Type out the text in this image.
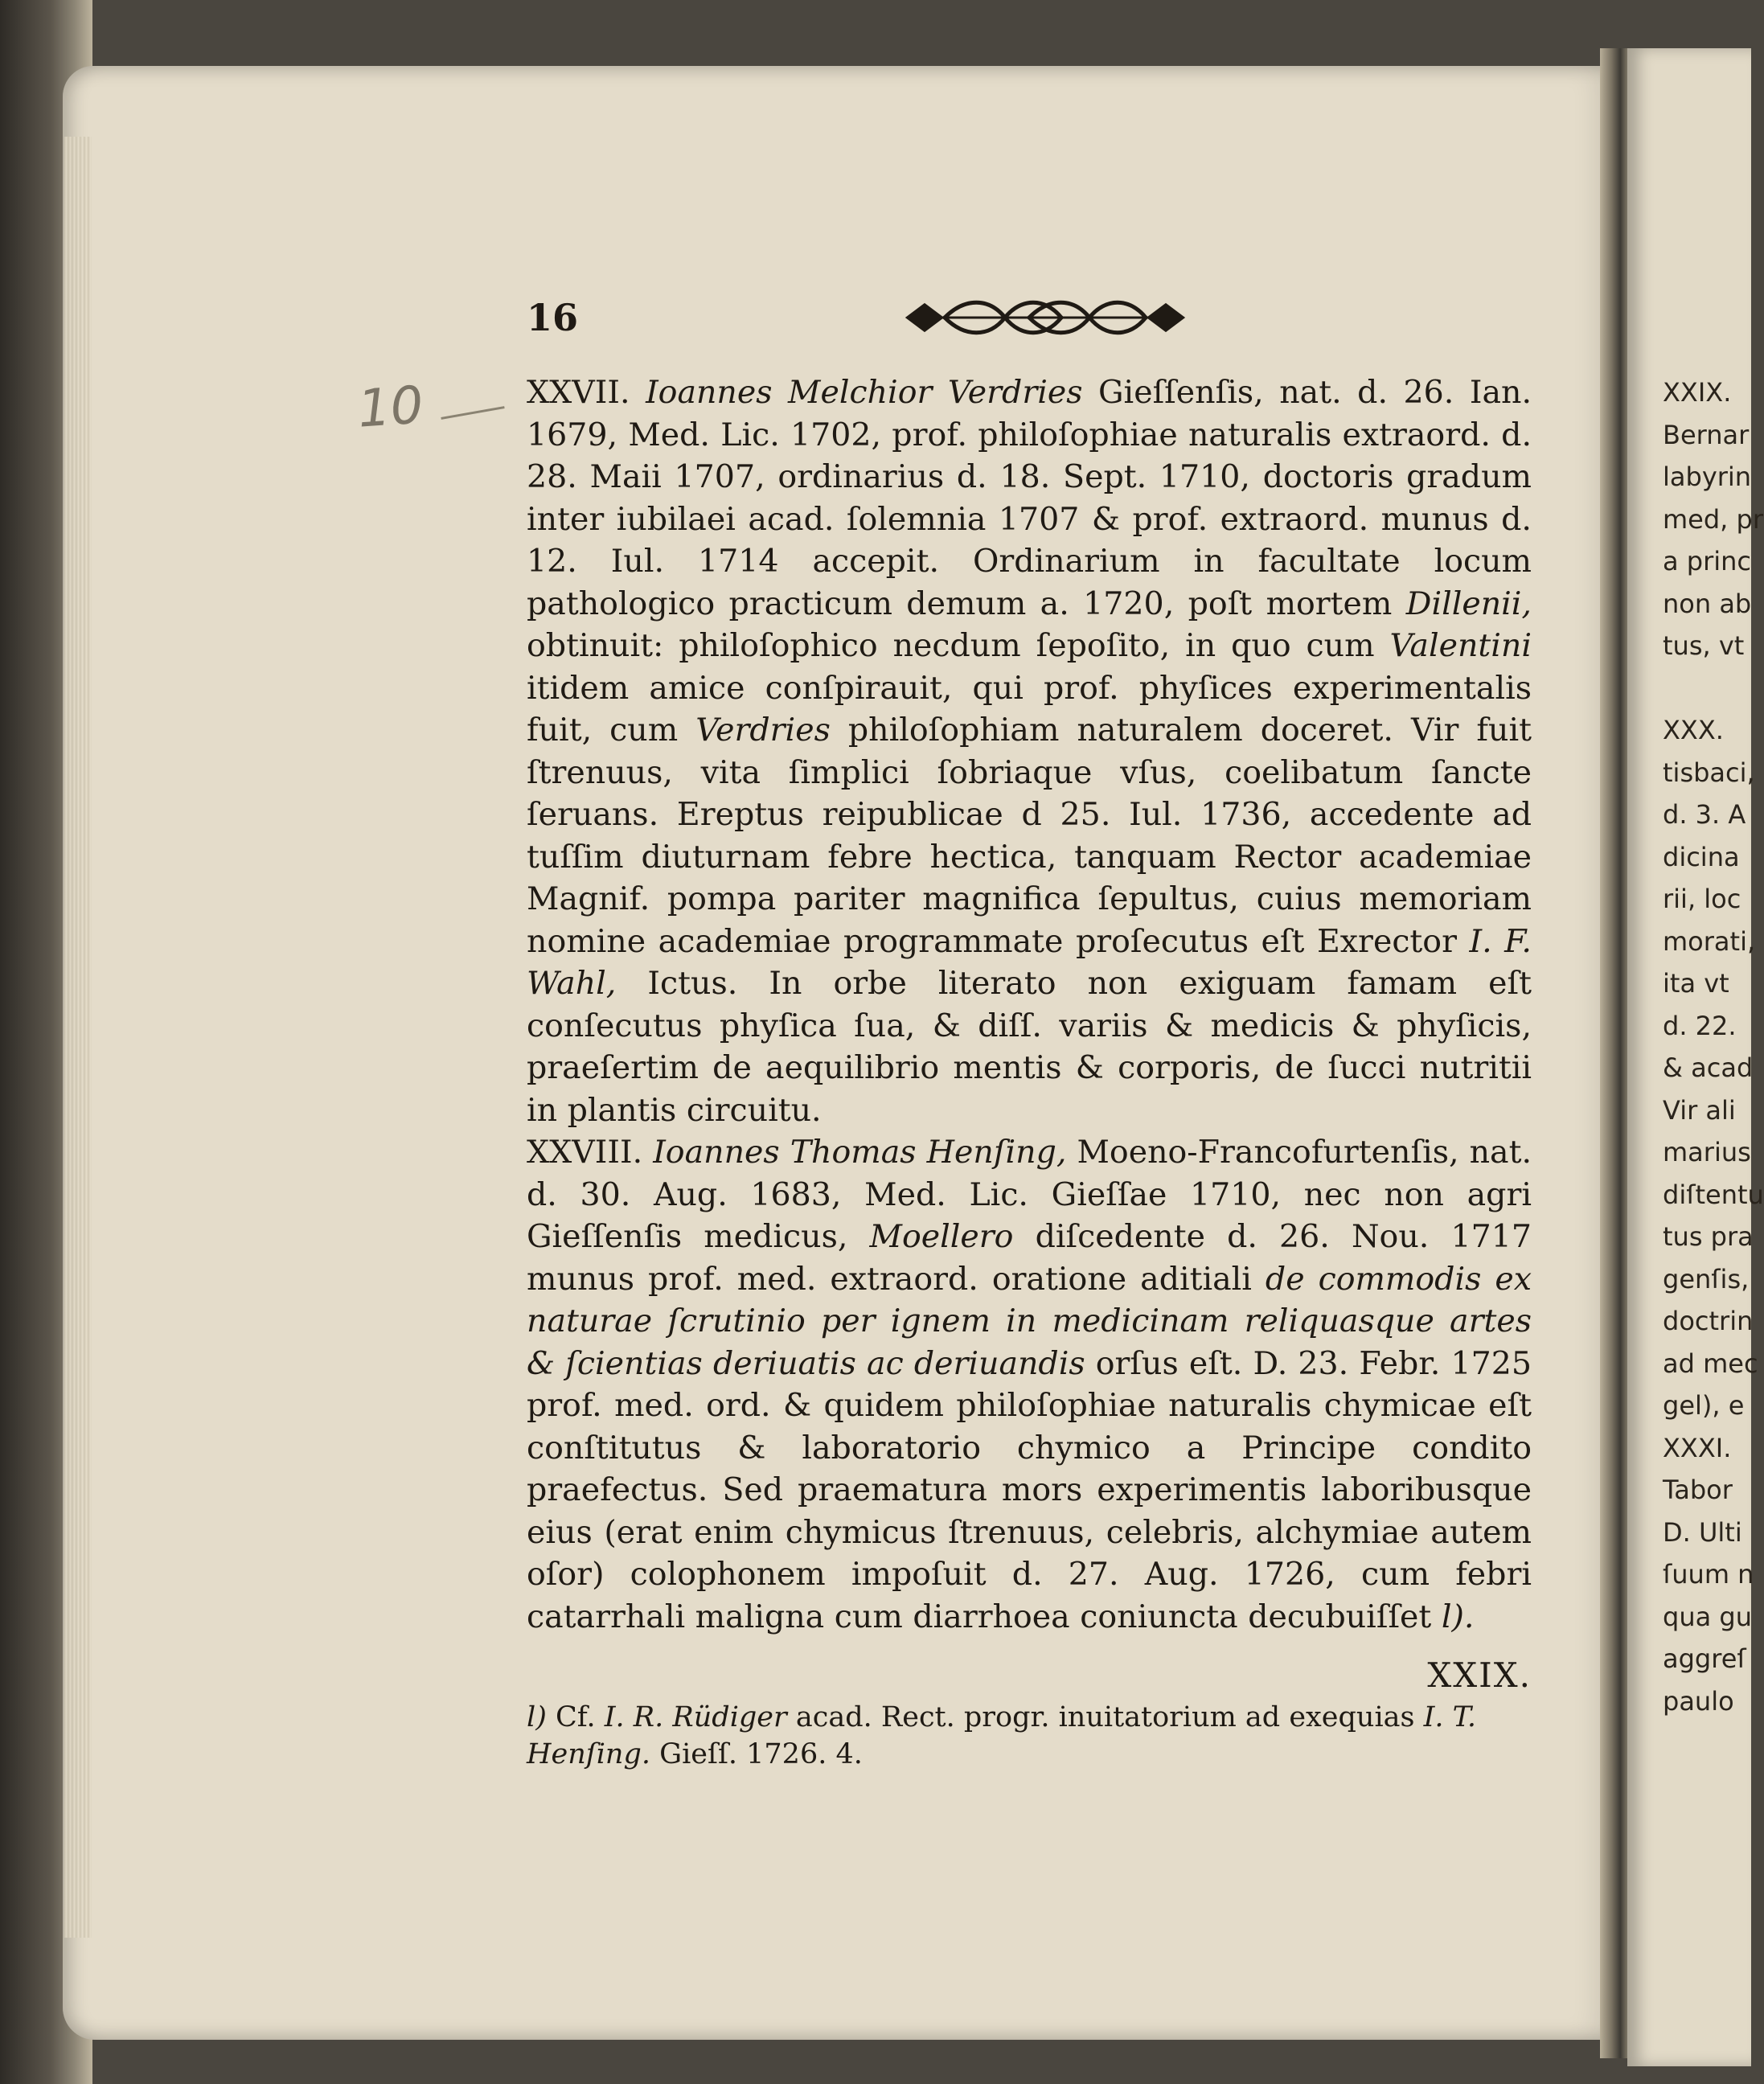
10
16

XXVII. Ioannes Melchior Verdries Gieſſenſis, nat. d. 26. Ian. 1679, Med. Lic. 1702, prof. philoſophiae naturalis extraord. d. 28. Maii 1707, ordinarius d. 18. Sept. 1710, doctoris gradum inter iubilaei acad. ſolemnia 1707 & prof. extraord. munus d. 12. Iul. 1714 accepit. Ordinarium in facultate locum pathologico practicum demum a. 1720, poſt mortem Dillenii, obtinuit: philoſophico necdum ſepoſito, in quo cum Valentini itidem amice conſpirauit, qui prof. phyſices experimentalis fuit, cum Verdries philoſophiam naturalem doceret. Vir fuit ſtrenuus, vita ſimplici ſobriaque vſus, coelibatum ſancte ſeruans. Ereptus reipublicae d 25. Iul. 1736, accedente ad tuſſim diuturnam febre hectica, tanquam Rector academiae Magnif. pompa pariter magnifica ſepultus, cuius memoriam nomine academiae programmate proſecutus eſt Exrector I. F. Wahl, Ictus. In orbe literato non exiguam famam eſt conſecutus phyſica ſua, & diſſ. variis & medicis & phyſicis, praeſertim de aequilibrio mentis & corporis, de ſucci nutritii in plantis circuitu.

XXVIII. Ioannes Thomas Henſing, Moeno-Francofurtenſis, nat. d. 30. Aug. 1683, Med. Lic. Gieſſae 1710, nec non agri Gieſſenſis medicus, Moellero diſcedente d. 26. Nou. 1717 munus prof. med. extraord. oratione aditiali de commodis ex naturae ſcrutinio per ignem in medicinam reliquasque artes & ſcientias deriuatis ac deriuandis orſus eſt. D. 23. Febr. 1725 prof. med. ord. & quidem philoſophiae naturalis chymicae eſt conſtitutus & laboratorio chymico a Principe condito praefectus. Sed praematura mors experimentis laboribusque eius (erat enim chymicus ſtrenuus, celebris, alchymiae autem oſor) colophonem impoſuit d. 27. Aug. 1726, cum febri catarrhali maligna cum diarrhoea coniuncta decubuiſſet l).

XXIX.
l) Cf. I. R. Rüdiger acad. Rect. progr. inuitatorium ad exequias I. T. Henſing. Gieſſ. 1726. 4.
XXIX.
Bernar
labyrin
med, pr
a princ
non ab
tus, vt
XXX.
tisbaci,
d. 3. A
dicina
rii, loc
morati,
ita vt
d. 22.
& acad
Vir ali
marius
diſtentu
tus pra
genſis,
doctrin
ad mec
gel), e
XXXI.
Tabor
D. Ulti
ſuum n
qua gu
aggreſ
paulo
